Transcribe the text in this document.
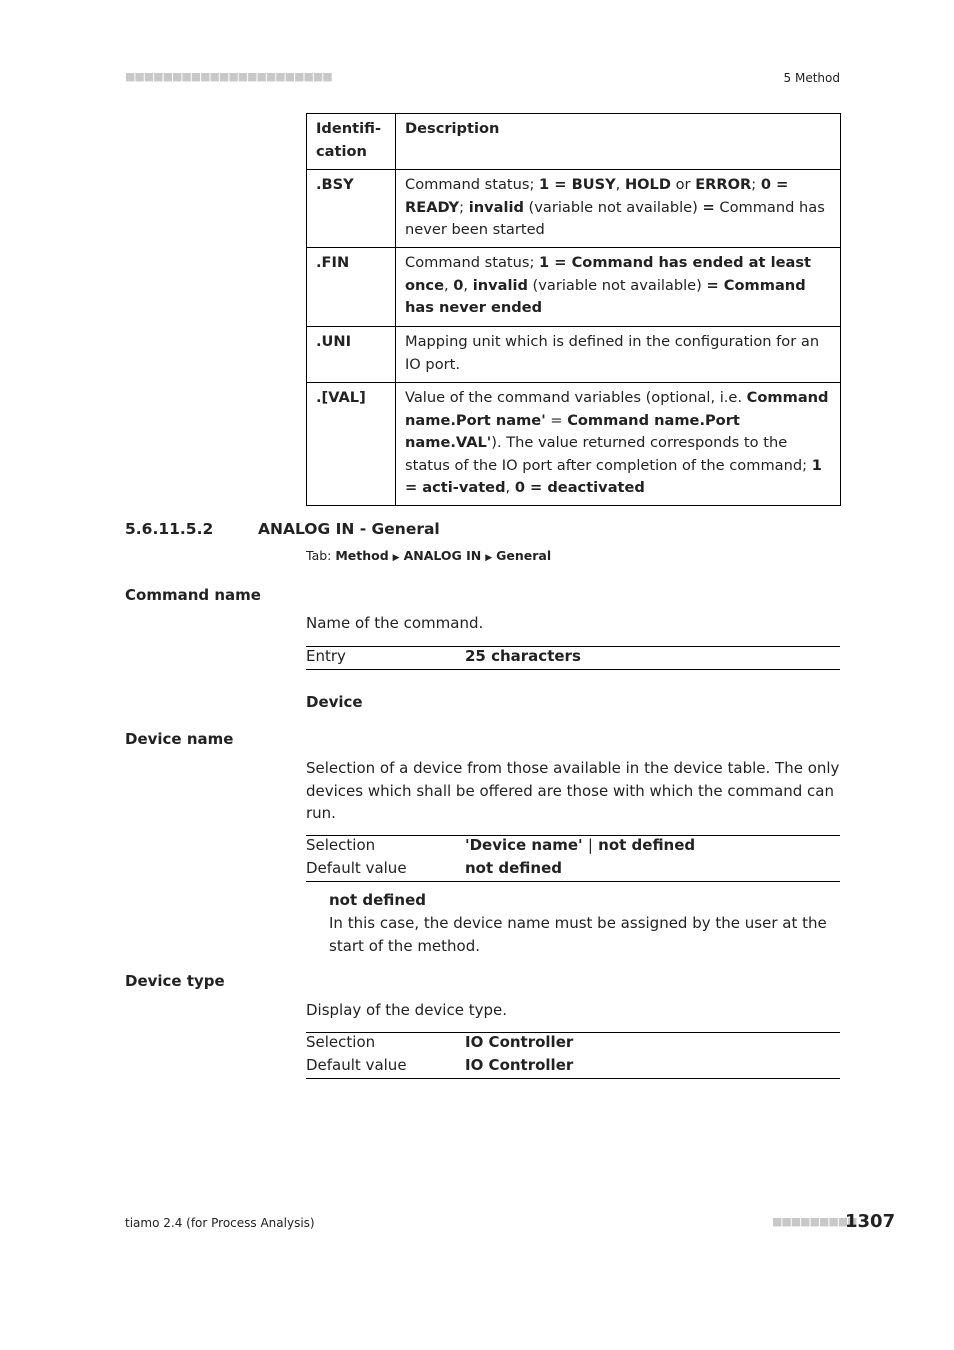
■■■■■■■■■■■■■■■■■■■■■■	5 Method
Identifi-
cation	Description
.BSY	Command status; 1 = BUSY, HOLD or ERROR; 0 = READY; invalid (variable not available) = Command has never been started
.FIN	Command status; 1 = Command has ended at least once, 0, invalid (variable not available) = Command has never ended
.UNI	Mapping unit which is defined in the configuration for an IO port.
.[VAL]	Value of the command variables (optional, i.e. Command name.Port name' = Command name.Port name.VAL'). The value returned corresponds to the status of the IO port after completion of the command; 1 = acti-vated, 0 = deactivated
5.6.11.5.2	ANALOG IN - General
Tab: Method ▶ ANALOG IN ▶ General
Command name
Name of the command.
Entry	25 characters
Device
Device name
Selection of a device from those available in the device table. The only devices which shall be offered are those with which the command can run.
Selection	'Device name' | not defined
Default value	not defined
not defined
In this case, the device name must be assigned by the user at the start of the method.
Device type
Display of the device type.
Selection	IO Controller
Default value	IO Controller
tiamo 2.4 (for Process Analysis)	■■■■■■■■■
1307
